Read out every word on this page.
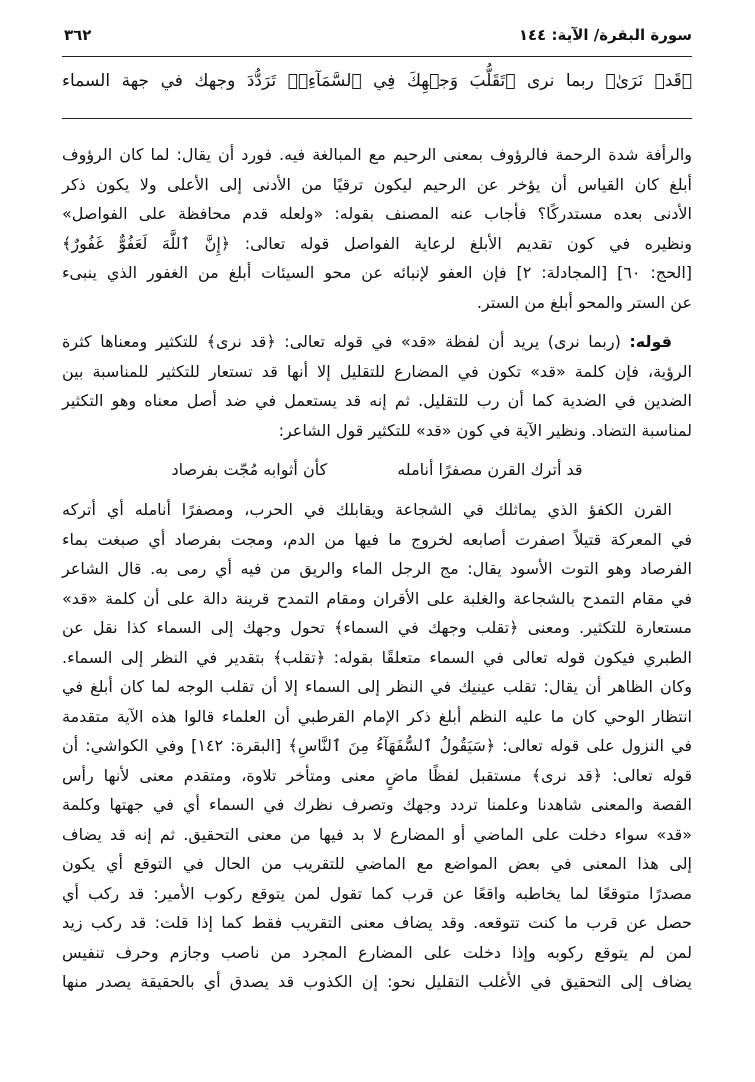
سورة البقرة/ الآية: ١٤٤
٣٦٢
﴿قَدۡ نَرَىٰ﴾ ربما نرى ﴿تَقَلُّبَ وَجۡهِكَ فِي ٱلسَّمَآءِۖ﴾ تَرَدُّدَ وجهك في جهة السماء
والرأفة شدة الرحمة فالرؤوف بمعنى الرحيم مع المبالغة فيه. فورد أن يقال: لما كان الرؤوف
أبلغ كان القياس أن يؤخر عن الرحيم ليكون ترقيًا من الأدنى إلى الأعلى ولا يكون ذكر
الأدنى بعده مستدركًا؟ فأجاب عنه المصنف بقوله: «ولعله قدم محافظة على الفواصل»
ونظيره في كون تقديم الأبلغ لرعاية الفواصل قوله تعالى: ﴿إِنَّ ٱللَّهَ لَعَفُوٌّ غَفُورٌ﴾
[الحج: ٦٠] [المجادلة: ٢] فإن العفو لإنبائه عن محو السيئات أبلغ من الغفور الذي ينبىء
عن الستر والمحو أبلغ من الستر.
قوله: (ربما نرى) يريد أن لفظة «قد» في قوله تعالى: ﴿قد نرى﴾ للتكثير ومعناها كثرة
الرؤية، فإن كلمة «قد» تكون في المضارع للتقليل إلا أنها قد تستعار للتكثير للمناسبة بين
الضدين في الضدية كما أن رب للتقليل. ثم إنه قد يستعمل في ضد أصل معناه وهو التكثير
لمناسبة التضاد. ونظير الآية في كون «قد» للتكثير قول الشاعر:
قد أترك القرن مصفرًا أنامله
كأن أثوابه مُجّت بفرصاد
القرن الكفؤ الذي يماثلك في الشجاعة ويقابلك في الحرب، ومصفرًا أنامله أي أتركه
في المعركة قتيلاً اصفرت أصابعه لخروج ما فيها من الدم، ومجت بفرصاد أي صبغت بماء
الفرصاد وهو التوت الأسود يقال: مج الرجل الماء والريق من فيه أي رمى به. قال الشاعر
في مقام التمدح بالشجاعة والغلبة على الأقران ومقام التمدح قرينة دالة على أن كلمة «قد»
مستعارة للتكثير. ومعنى ﴿تقلب وجهك في السماء﴾ تحول وجهك إلى السماء كذا نقل عن
الطبري فيكون قوله تعالى في السماء متعلقًا بقوله: ﴿تقلب﴾ بتقدير في النظر إلى السماء.
وكان الظاهر أن يقال: تقلب عينيك في النظر إلى السماء إلا أن تقلب الوجه لما كان أبلغ في
انتظار الوحي كان ما عليه النظم أبلغ ذكر الإمام القرطبي أن العلماء قالوا هذه الآية متقدمة
في النزول على قوله تعالى: ﴿سَيَقُولُ ٱلسُّفَهَآءُ مِنَ ٱلنَّاسِ﴾ [البقرة: ١٤٢] وفي الكواشي: أن
قوله تعالى: ﴿قد نرى﴾ مستقبل لفظًا ماضٍ معنى ومتأخر تلاوة، ومتقدم معنى لأنها رأس
القصة والمعنى شاهدنا وعلمنا تردد وجهك وتصرف نظرك في السماء أي في جهتها وكلمة
«قد» سواء دخلت على الماضي أو المضارع لا بد فيها من معنى التحقيق. ثم إنه قد يضاف
إلى هذا المعنى في بعض المواضع مع الماضي للتقريب من الحال في التوقع أي يكون
مصدرًا متوقعًا لما يخاطبه واقعًا عن قرب كما تقول لمن يتوقع ركوب الأمير: قد ركب أي
حصل عن قرب ما كنت تتوقعه. وقد يضاف معنى التقريب فقط كما إذا قلت: قد ركب زيد
لمن لم يتوقع ركوبه وإذا دخلت على المضارع المجرد من ناصب وجازم وحرف تنفيس
يضاف إلى التحقيق في الأغلب التقليل نحو: إن الكذوب قد يصدق أي بالحقيقة يصدر منها
